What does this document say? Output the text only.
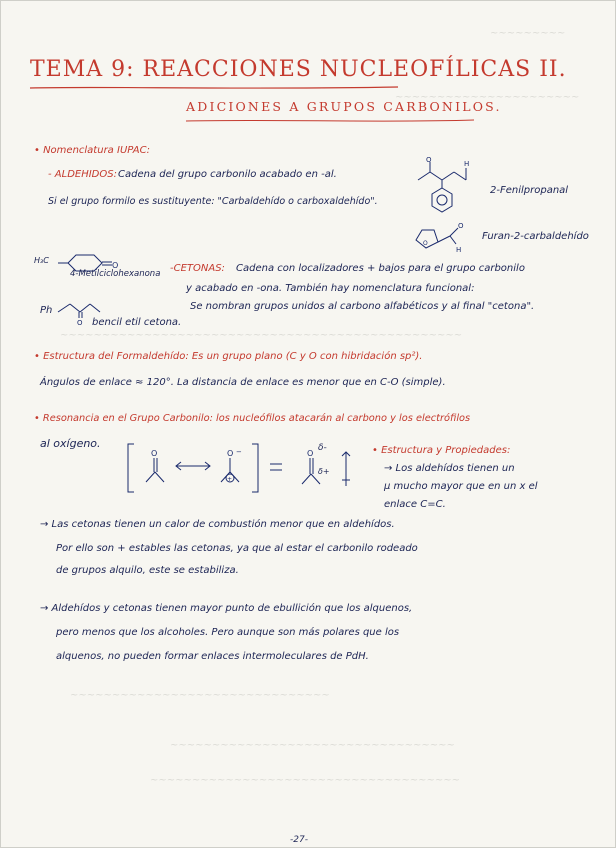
~~~~~~~~~
~~~~~~~~~~~~~~~~~~~~~~
~~~~~~~~~~~~~~~~~~~~~~~~~~~~~~~~~~~~~~~~~~~~~~~~
~~~~~~~~~~~~~~~~~~~~~~~~~~~~~~~
~~~~~~~~~~~~~~~~~~~~~~~~~~~~~~~~~~
~~~~~~~~~~~~~~~~~~~~~~~~~~~~~~~~~~~~~
TEMA 9: REACCIONES NUCLEOFÍLICAS II.
ADICIONES A GRUPOS CARBONILOS.
• Nomenclatura IUPAC:
- ALDEHIDOS: Cadena del grupo carbonilo acabado en -al.
Si el grupo formilo es sustituyente: "Carbaldehído o carboxaldehído".
O	H
2-Fenilpropanal
O
O
H
Furan-2-carbaldehído
O
H₃C
4-Metilciclohexanona -CETONAS: Cadena con localizadores + bajos para el grupo carbonilo
y acabado en -ona. También hay nomenclatura funcional:
Se nombran grupos unidos al carbono alfabéticos y al final "cetona".
Ph
O bencil etil cetona.
• Estructura del Formaldehído: Es un grupo plano (C y O con hibridación sp²).
Ángulos de enlace ≈ 120°. La distancia de enlace es menor que en C-O (simple).
• Resonancia en el Grupo Carbonilo: los nucleófilos atacarán al carbono y los electrófilos
al oxígeno.
O	O
+
−	O
δ-
δ+
• Estructura y Propiedades:
→ Los aldehídos tienen un
μ mucho mayor que en un x el
enlace C=C.
→ Las cetonas tienen un calor de combustión menor que en aldehídos.
Por ello son + estables las cetonas, ya que al estar el carbonilo rodeado
de grupos alquilo, este se estabiliza.
→ Aldehídos y cetonas tienen mayor punto de ebullición que los alquenos,
pero menos que los alcoholes. Pero aunque son más polares que los
alquenos, no pueden formar enlaces intermoleculares de PdH.
-27-
